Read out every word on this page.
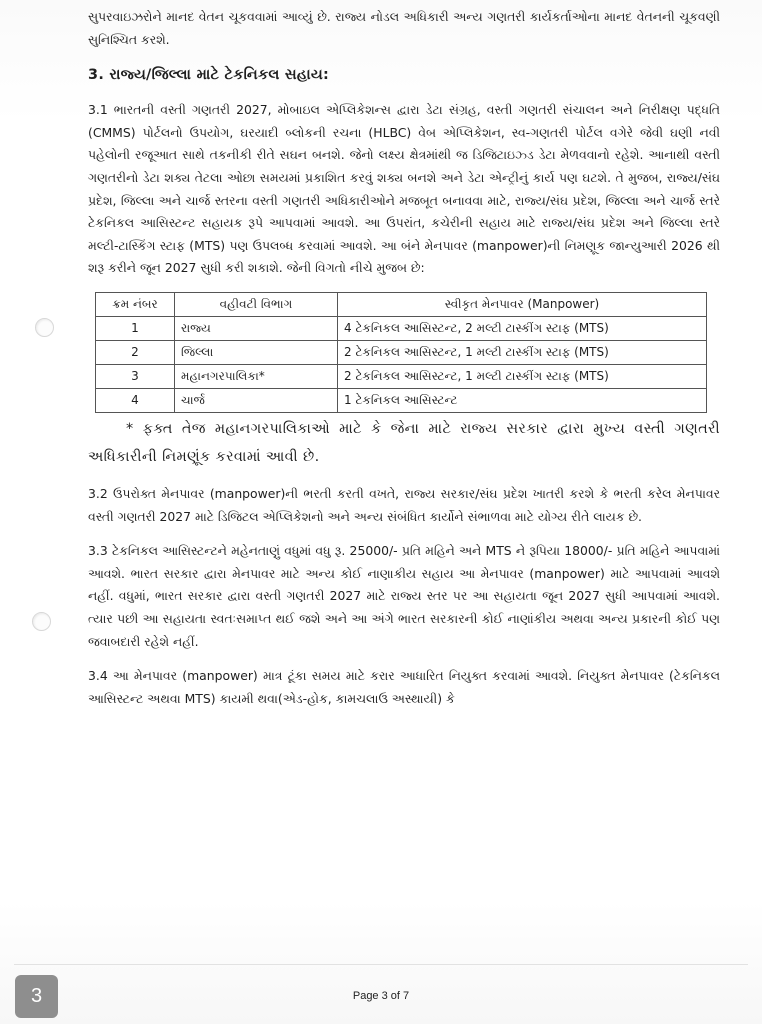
સુપરવાઇઝરોને માનદ વેતન ચૂકવવામાં આવ્યું છે. રાજ્ય નોડલ અધિકારી અન્ય ગણતરી કાર્યકર્તાઓના માનદ વેતનની ચૂકવણી સુનિશ્ચિત કરશે.

3. રાજ્ય/જિલ્લા માટે ટેકનિકલ સહાય:

3.1 ભારતની વસ્તી ગણતરી 2027, મોબાઇલ એપ્લિકેશન્સ દ્વારા ડેટા સંગ્રહ, વસ્તી ગણતરી સંચાલન અને નિરીક્ષણ પદ્ધતિ (CMMS) પોર્ટલનો ઉપયોગ, ઘરયાદી બ્લોકની રચના (HLBC) વેબ એપ્લિકેશન, સ્વ-ગણતરી પોર્ટલ વગેરે જેવી ઘણી નવી પહેલોની રજૂઆત સાથે તકનીકી રીતે સઘન બનશે. જેનો લક્ષ્ય ક્ષેત્રમાંથી જ ડિજિટાઇઝ્ડ ડેટા મેળવવાનો રહેશે. આનાથી વસ્તી ગણતરીનો ડેટા શક્ય તેટલા ઓછા સમયમાં પ્રકાશિત કરવું શક્ય બનશે અને ડેટા એન્ટ્રીનું કાર્ય પણ ઘટશે. તે મુજબ, રાજ્ય/સંઘ પ્રદેશ, જિલ્લા અને ચાર્જ સ્તરના વસ્તી ગણતરી અધિકારીઓને મજબૂત બનાવવા માટે, રાજ્ય/સંઘ પ્રદેશ, જિલ્લા અને ચાર્જ સ્તરે ટેકનિકલ આસિસ્ટન્ટ સહાયક રૂપે આપવામાં આવશે. આ ઉપરાંત, કચેરીની સહાય માટે રાજ્ય/સંઘ પ્રદેશ અને જિલ્લા સ્તરે મલ્ટી-ટાસ્કિંગ સ્ટાફ (MTS) પણ ઉપલબ્ધ કરવામાં આવશે. આ બંને મેનપાવર (manpower)ની નિમણૂક જાન્યુઆરી 2026 થી શરૂ કરીને જૂન 2027 સુધી કરી શકાશે. જેની વિગતો નીચે મુજબ છે:

ક્રમ નંબર	વહીવટી વિભાગ	સ્વીકૃત મેનપાવર (Manpower)
1	રાજ્ય	4 ટેકનિકલ આસિસ્ટન્ટ, 2 મલ્ટી ટાસ્કીંગ સ્ટાફ (MTS)
2	જિલ્લા	2 ટેકનિકલ આસિસ્ટન્ટ, 1 મલ્ટી ટાસ્કીંગ સ્ટાફ (MTS)
3	મહાનગરપાલિકા*	2 ટેકનિકલ આસિસ્ટન્ટ, 1 મલ્ટી ટાસ્કીંગ સ્ટાફ (MTS)
4	ચાર્જ	1 ટેકનિકલ આસિસ્ટન્ટ

* ફક્ત તેજ મહાનગરપાલિકાઓ માટે કે જેના માટે રાજ્ય સરકાર દ્વારા મુખ્ય વસ્તી ગણતરી અધિકારીની નિમણૂંક કરવામાં આવી છે.

3.2 ઉપરોક્ત મેનપાવર (manpower)ની ભરતી કરતી વખતે, રાજ્ય સરકાર/સંઘ પ્રદેશ ખાતરી કરશે કે ભરતી કરેલ મેનપાવર વસ્તી ગણતરી 2027 માટે ડિજિટલ એપ્લિકેશનો અને અન્ય સંબંધિત કાર્યોને સંભાળવા માટે યોગ્ય રીતે લાયક છે.

3.3 ટેકનિકલ આસિસ્ટન્ટને મહેનતાણું વધુમાં વધુ રૂ. 25000/- પ્રતિ મહિને અને MTS ને રૂપિયા 18000/- પ્રતિ મહિને આપવામાં આવશે. ભારત સરકાર દ્વારા મેનપાવર માટે અન્ય કોઈ નાણાકીય સહાય આ મેનપાવર (manpower) માટે આપવામાં આવશે નહીં. વધુમાં, ભારત સરકાર દ્વારા વસ્તી ગણતરી 2027 માટે રાજ્ય સ્તર પર આ સહાયતા જૂન 2027 સુધી આપવામાં આવશે. ત્યાર પછી આ સહાયતા સ્વતઃસમાપ્ત થઈ જશે અને આ અંગે ભારત સરકારની કોઈ નાણાંકીય અથવા અન્ય પ્રકારની કોઈ પણ જવાબદારી રહેશે નહીં.

3.4 આ મેનપાવર (manpower) માત્ર ટૂંકા સમય માટે કરાર આધારિત નિયુક્ત કરવામાં આવશે. નિયુક્ત મેનપાવર (ટેકનિકલ આસિસ્ટન્ટ અથવા MTS) કાયમી થવા(એડ-હોક, કામચલાઉ અસ્થાયી) કે

Page 3 of 7
3
